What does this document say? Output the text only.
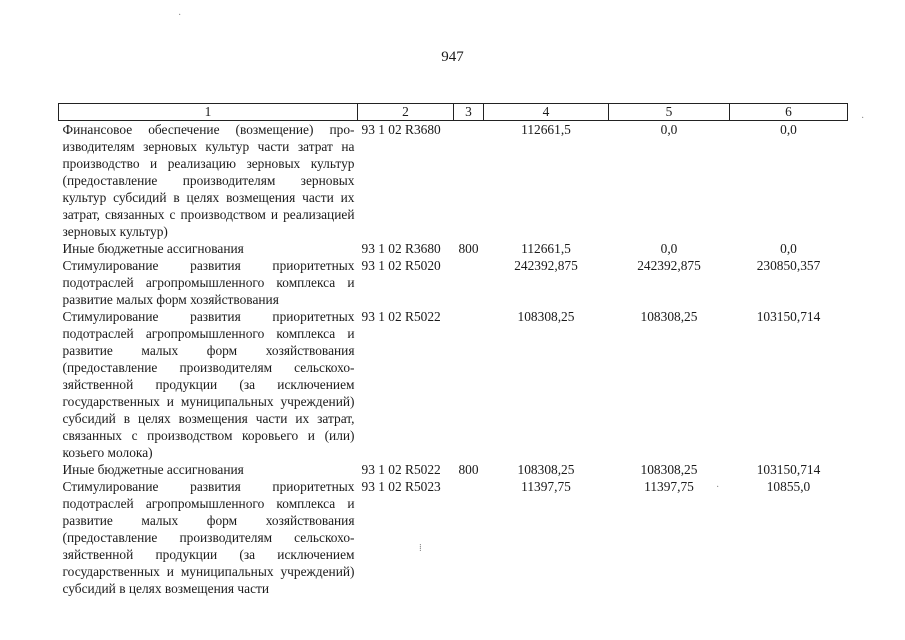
947
1	2	3	4	5	6
Финансовое обеспечение (возмещение) производителям зерновых культур части затрат на производство и реализацию зерновых культур (предоставление производителям зерновых культур субсидий в целях возмещения части их затрат, связанных с производством и реализацией зерновых культур)	93 1 02 R3680		112661,5	0,0	0,0
Иные бюджетные ассигнования	93 1 02 R3680	800	112661,5	0,0	0,0
Стимулирование развития приоритетных подотраслей агропромышленного комплекса и развитие малых форм хозяйствования	93 1 02 R5020		242392,875	242392,875	230850,357
Стимулирование развития приоритетных подотраслей агропромышленного комплекса и развитие малых форм хозяйствования (предоставление производителям сельскохозяйственной продукции (за исключением государственных и муниципальных учреждений) субсидий в целях возмещения части их затрат, связанных с производством коровьего и (или) козьего молока)	93 1 02 R5022		108308,25	108308,25	103150,714
Иные бюджетные ассигнования	93 1 02 R5022	800	108308,25	108308,25	103150,714
Стимулирование развития приоритетных подотраслей агропромышленного комплекса и развитие малых форм хозяйствования (предоставление производителям сельскохозяйственной продукции (за исключением государственных и муниципальных учреждений) субсидий в целях возмещения части	93 1 02 R5023		11397,75	11397,75	10855,0
·
·
⁞
·
